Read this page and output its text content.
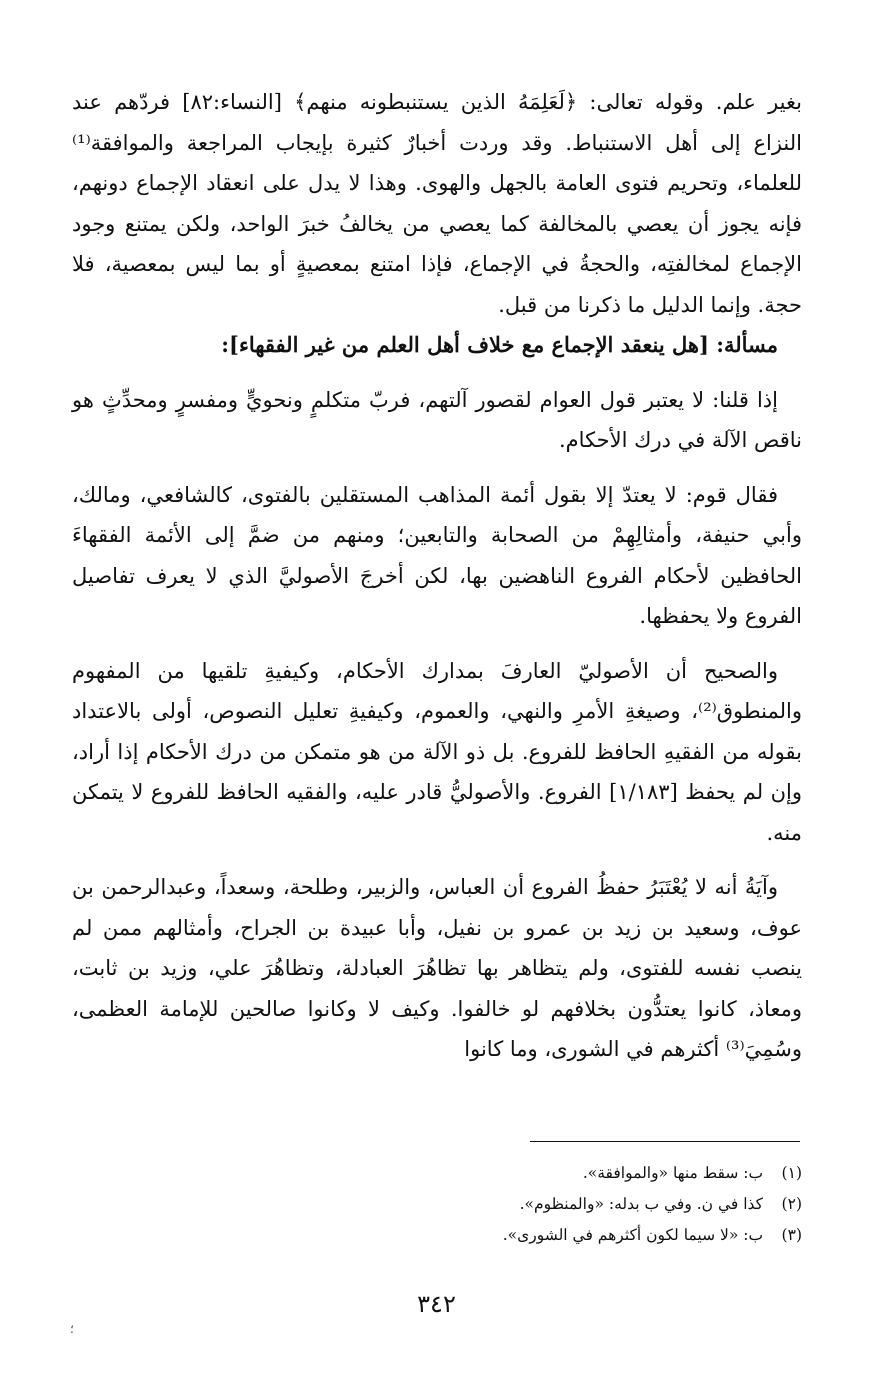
بغير علم. وقوله تعالى: ﴿لَعَلِمَهُ الذين يستنبطونه منهم﴾ [النساء:٨٢] فردّهم عند النزاع إلى أهل الاستنباط. وقد وردت أخبارٌ كثيرة بإيجاب المراجعة والموافقة⁽¹⁾ للعلماء، وتحريم فتوى العامة بالجهل والهوى. وهذا لا يدل على انعقاد الإجماع دونهم، فإنه يجوز أن يعصي بالمخالفة كما يعصي من يخالفُ خبرَ الواحد، ولكن يمتنع وجود الإجماع لمخالفتِه، والحجةُ في الإجماع، فإذا امتنع بمعصيةٍ أو بما ليس بمعصية، فلا حجة. وإنما الدليل ما ذكرنا من قبل.

مسألة: [هل ينعقد الإجماع مع خلاف أهل العلم من غير الفقهاء]:

إذا قلنا: لا يعتبر قول العوام لقصور آلتهم، فربّ متكلمٍ ونحويٍّ ومفسرٍ ومحدِّثٍ هو ناقص الآلة في درك الأحكام.

فقال قوم: لا يعتدّ إلا بقول أئمة المذاهب المستقلين بالفتوى، كالشافعي، ومالك، وأبي حنيفة، وأمثالِهِمْ من الصحابة والتابعين؛ ومنهم من ضمَّ إلى الأئمة الفقهاءَ الحافظين لأحكام الفروع الناهضين بها، لكن أخرجَ الأصوليَّ الذي لا يعرف تفاصيل الفروع ولا يحفظها.

والصحيح أن الأصوليّ العارفَ بمدارك الأحكام، وكيفيةِ تلقيها من المفهوم والمنطوق⁽²⁾، وصيغةِ الأمرِ والنهي، والعموم، وكيفيةِ تعليل النصوص، أولى بالاعتداد بقوله من الفقيهِ الحافظ للفروع. بل ذو الآلة من هو متمكن من درك الأحكام إذا أراد، وإن لم يحفظ [١/١٨٣] الفروع. والأصوليُّ قادر عليه، والفقيه الحافظ للفروع لا يتمكن منه.

وآيَةُ أنه لا يُعْتَبَرُ حفظُ الفروع أن العباس، والزبير، وطلحة، وسعداً، وعبدالرحمن بن عوف، وسعيد بن زيد بن عمرو بن نفيل، وأبا عبيدة بن الجراح، وأمثالهم ممن لم ينصب نفسه للفتوى، ولم يتظاهر بها تظاهُرَ العبادلة، وتظاهُرَ علي، وزيد بن ثابت، ومعاذ، كانوا يعتدُّون بخلافهم لو خالفوا. وكيف لا وكانوا صالحين للإمامة العظمى، وسُمِيَ⁽³⁾ أكثرهم في الشورى، وما كانوا

(١) ب: سقط منها «والموافقة».

(٢) كذا في ن. وفي ب بدله: «والمنظوم».

(٣) ب: «لا سيما لكون أكثرهم في الشورى».

٣٤٢
؛
